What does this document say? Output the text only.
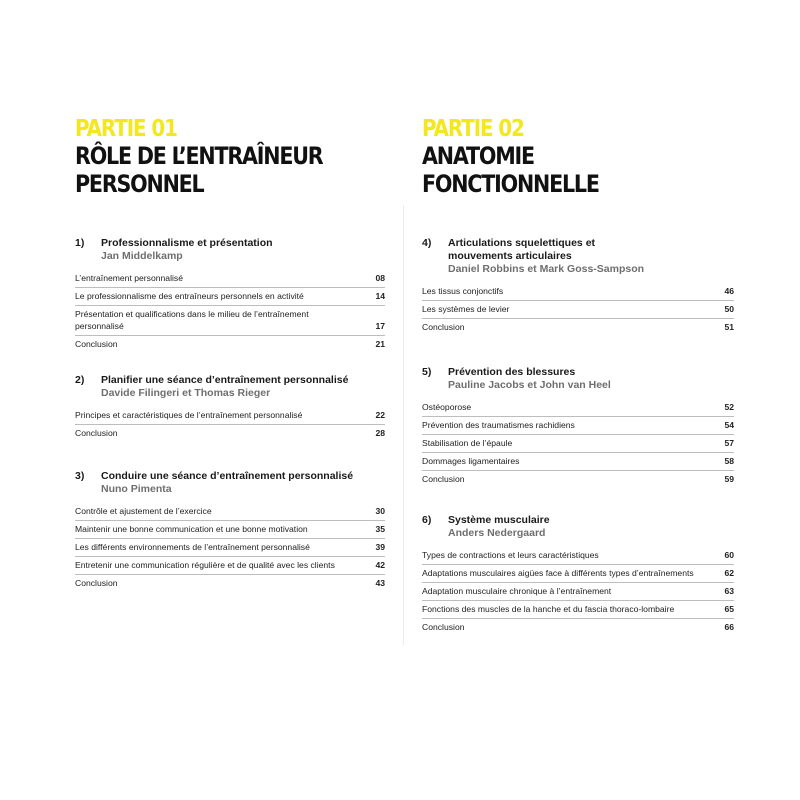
PARTIE 01
RÔLE DE L’ENTRAÎNEUR
PERSONNEL
1) Professionnalisme et présentation
Jan Middelkamp
L’entraînement personnalisé	08
Le professionnalisme des entraîneurs personnels en activité	14
Présentation et qualifications dans le milieu de l’entraînement personnalisé	17
Conclusion	21
2) Planifier une séance d’entraînement personnalisé
Davide Filingeri et Thomas Rieger
Principes et caractéristiques de l’entraînement personnalisé	22
Conclusion	28
3) Conduire une séance d’entraînement personnalisé
Nuno Pimenta
Contrôle et ajustement de l’exercice	30
Maintenir une bonne communication et une bonne motivation	35
Les différents environnements de l’entraînement personnalisé	39
Entretenir une communication régulière et de qualité avec les clients	42
Conclusion	43
PARTIE 02
ANATOMIE
FONCTIONNELLE
4) Articulations squelettiques et
mouvements articulaires
Daniel Robbins et Mark Goss-Sampson
Les tissus conjonctifs	46
Les systèmes de levier	50
Conclusion	51
5) Prévention des blessures
Pauline Jacobs et John van Heel
Ostéoporose	52
Prévention des traumatismes rachidiens	54
Stabilisation de l’épaule	57
Dommages ligamentaires	58
Conclusion	59
6) Système musculaire
Anders Nedergaard
Types de contractions et leurs caractéristiques	60
Adaptations musculaires aigües face à différents types d’entraînements	62
Adaptation musculaire chronique à l’entraînement	63
Fonctions des muscles de la hanche et du fascia thoraco-lombaire	65
Conclusion	66
